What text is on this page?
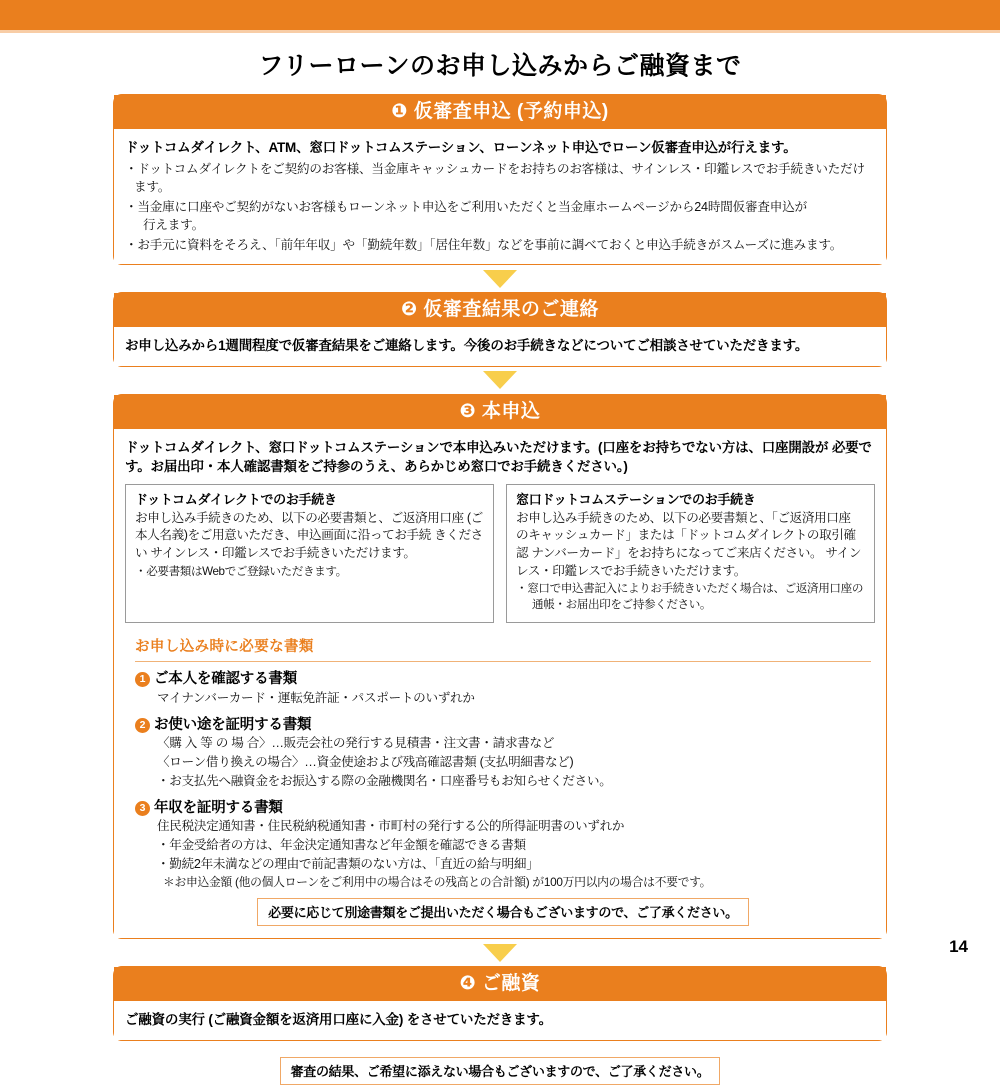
フリーローンのお申し込みからご融資まで
❶ 仮審査申込 (予約申込)
ドットコムダイレクト、ATM、窓口ドットコムステーション、ローンネット申込でローン仮審査申込が行えます。
・ドットコムダイレクトをご契約のお客様、当金庫キャッシュカードをお持ちのお客様は、サインレス・印鑑レスでお手続きいただけます。
・当金庫に口座やご契約がないお客様もローンネット申込をご利用いただくと当金庫ホームページから24時間仮審査申込が
行えます。
・お手元に資料をそろえ、「前年年収」や「勤続年数」「居住年数」などを事前に調べておくと申込手続きがスムーズに進みます。
❷ 仮審査結果のご連絡
お申し込みから1週間程度で仮審査結果をご連絡します。今後のお手続きなどについてご相談させていただきます。
❸ 本申込
ドットコムダイレクト、窓口ドットコムステーションで本申込みいただけます。(口座をお持ちでない方は、口座開設が 必要です。お届出印・本人確認書類をご持参のうえ、あらかじめ窓口でお手続きください。)
ドットコムダイレクトでのお手続き

お申し込み手続きのため、以下の必要書類と、ご返済用口座 (ご本人名義)をご用意いただき、申込画面に沿ってお手続 きください サインレス・印鑑レスでお手続きいただけます。

・必要書類はWebでご登録いただきます。

窓口ドットコムステーションでのお手続き

お申し込み手続きのため、以下の必要書類と、「ご返済用口座 のキャッシュカード」または「ドットコムダイレクトの取引確認 ナンバーカード」をお持ちになってご来店ください。 サインレス・印鑑レスでお手続きいただけます。

・窓口で申込書記入によりお手続きいただく場合は、ご返済用口座の
通帳・お届出印をご持参ください。

お申し込み時に必要な書類
1 ご本人を確認する書類
マイナンバーカード・運転免許証・パスポートのいずれか
2 お使い途を証明する書類
〈購 入 等 の 場 合〉…販売会社の発行する見積書・注文書・請求書など
〈ローン借り換えの場合〉…資金使途および残高確認書類 (支払明細書など)
・お支払先へ融資金をお振込する際の金融機関名・口座番号もお知らせください。
3 年収を証明する書類
住民税決定通知書・住民税納税通知書・市町村の発行する公的所得証明書のいずれか
・年金受給者の方は、年金決定通知書など年金額を確認できる書類
・勤続2年未満などの理由で前記書類のない方は、「直近の給与明細」
＊お申込金額 (他の個人ローンをご利用中の場合はその残高との合計額) が100万円以内の場合は不要です。
必要に応じて別途書類をご提出いただく場合もございますので、ご了承ください。
❹ ご融資
ご融資の実行 (ご融資金額を返済用口座に入金) をさせていただきます。
審査の結果、ご希望に添えない場合もございますので、ご了承ください。
14
